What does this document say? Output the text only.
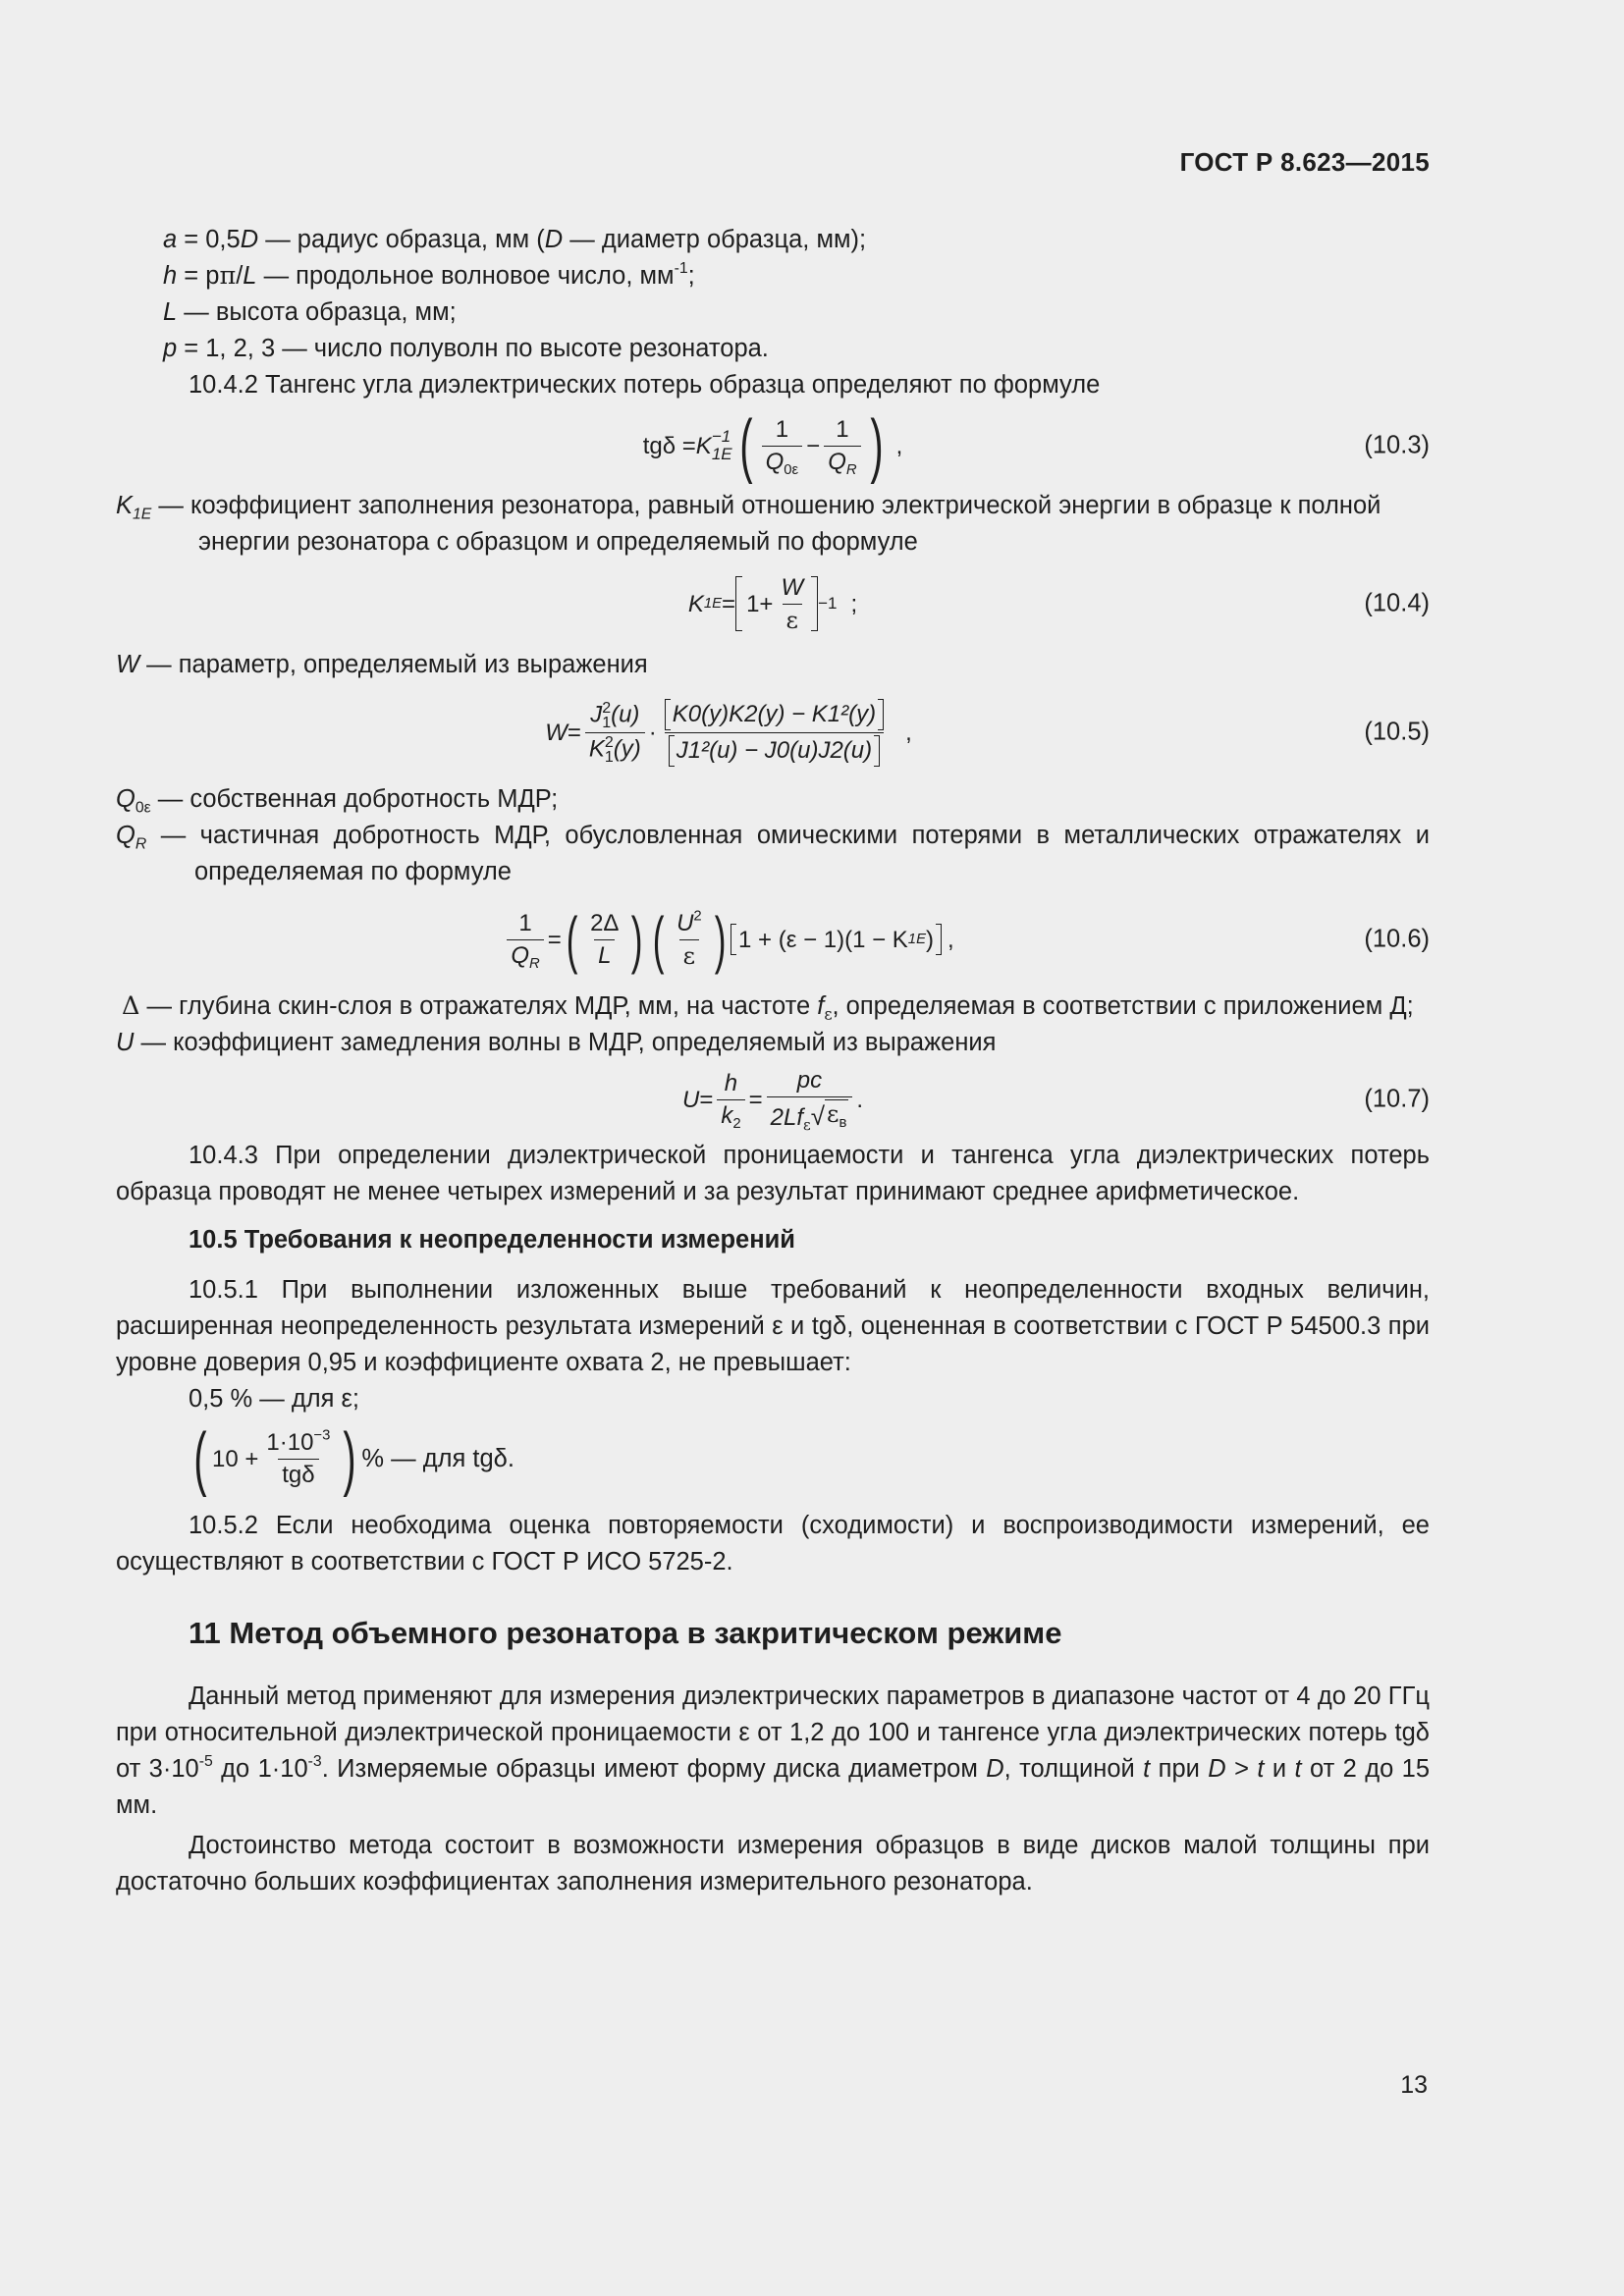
ГОСТ Р 8.623—2015

a = 0,5D — радиус образца, мм (D — диаметр образца, мм);

h = pπ/L — продольное волновое число, $мм^{-1}$;

L — высота образца, мм;

p = 1, 2, 3 — число полуволн по высоте резонатора.

10.4.2 Тангенс угла диэлектрических потерь образца определяют по формуле

tgδ = K −1
1E ( $\frac{1}{Q_{0\varepsilon}} - \frac{1}{Q_R}$ ) ,	(10.3)

$K_{1E}$ — коэффициент заполнения резонатора, равный отношению электрической энергии в образце к полной энергии резонатора с образцом и определяемый по формуле

K $1E = 1+ \frac{W}{\varepsilon} -1$ ;	(10.4)

W — параметр, определяемый из выражения

W = J 2
1 (u)
K 2
1 $(y) \cdot \frac{\text{K0(y)K2(y) − K1²(y)}}{\text{J1²(u) − J0(u)J2(u)}}$ ,	(10.5)

$Q_{0\varepsilon}$ — собственная добротность МДР;

$Q_R$ — частичная добротность МДР, обусловленная омическими потерями в металлических отражателях и определяемая по формуле

$\frac{1}{Q_R}$ = ( $\frac{2\Delta}{L}$ ) ( $\frac{U^2}{\varepsilon}$ ) 1 + (ε − 1)(1 − K 1E ) ,	(10.6)

Δ — глубина скин-слоя в отражателях МДР, мм, на частоте $f_\varepsilon$, определяемая в соответствии с приложением Д;

U — коэффициент замедления волны в МДР, определяемый из выражения

$U = \frac{h}{k_2} = \frac{pc}{2Lf_\varepsilon √ \varepsilon_в}$ .	(10.7)

10.4.3 При определении диэлектрической проницаемости и тангенса угла диэлектрических потерь образца проводят не менее четырех измерений и за результат принимают среднее арифметическое.

10.5 Требования к неопределенности измерений

10.5.1 При выполнении изложенных выше требований к неопределенности входных величин, расширенная неопределенность результата измерений ε и tgδ, оцененная в соответствии с ГОСТ Р 54500.3 при уровне доверия 0,95 и коэффициенте охвата 2, не превышает:

0,5 % — для ε;

( $10 + \frac{1\cdot 10^{-3}}{\text{tgδ}}$ ) % — для tgδ.

10.5.2 Если необходима оценка повторяемости (сходимости) и воспроизводимости измерений, ее осуществляют в соответствии с ГОСТ Р ИСО 5725-2.

11 Метод объемного резонатора в закритическом режиме

Данный метод применяют для измерения диэлектрических параметров в диапазоне частот от 4 до 20 ГГц при относительной диэлектрической проницаемости ε от 1,2 до 100 и тангенсе угла диэлектрических потерь tgδ от $3\cdot 10^{-5}$ до $1\cdot 10^{-3}$. Измеряемые образцы имеют форму диска диаметром D, толщиной t при D > t и t от 2 до 15 мм.

Достоинство метода состоит в возможности измерения образцов в виде дисков малой толщины при достаточно больших коэффициентах заполнения измерительного резонатора.

13
